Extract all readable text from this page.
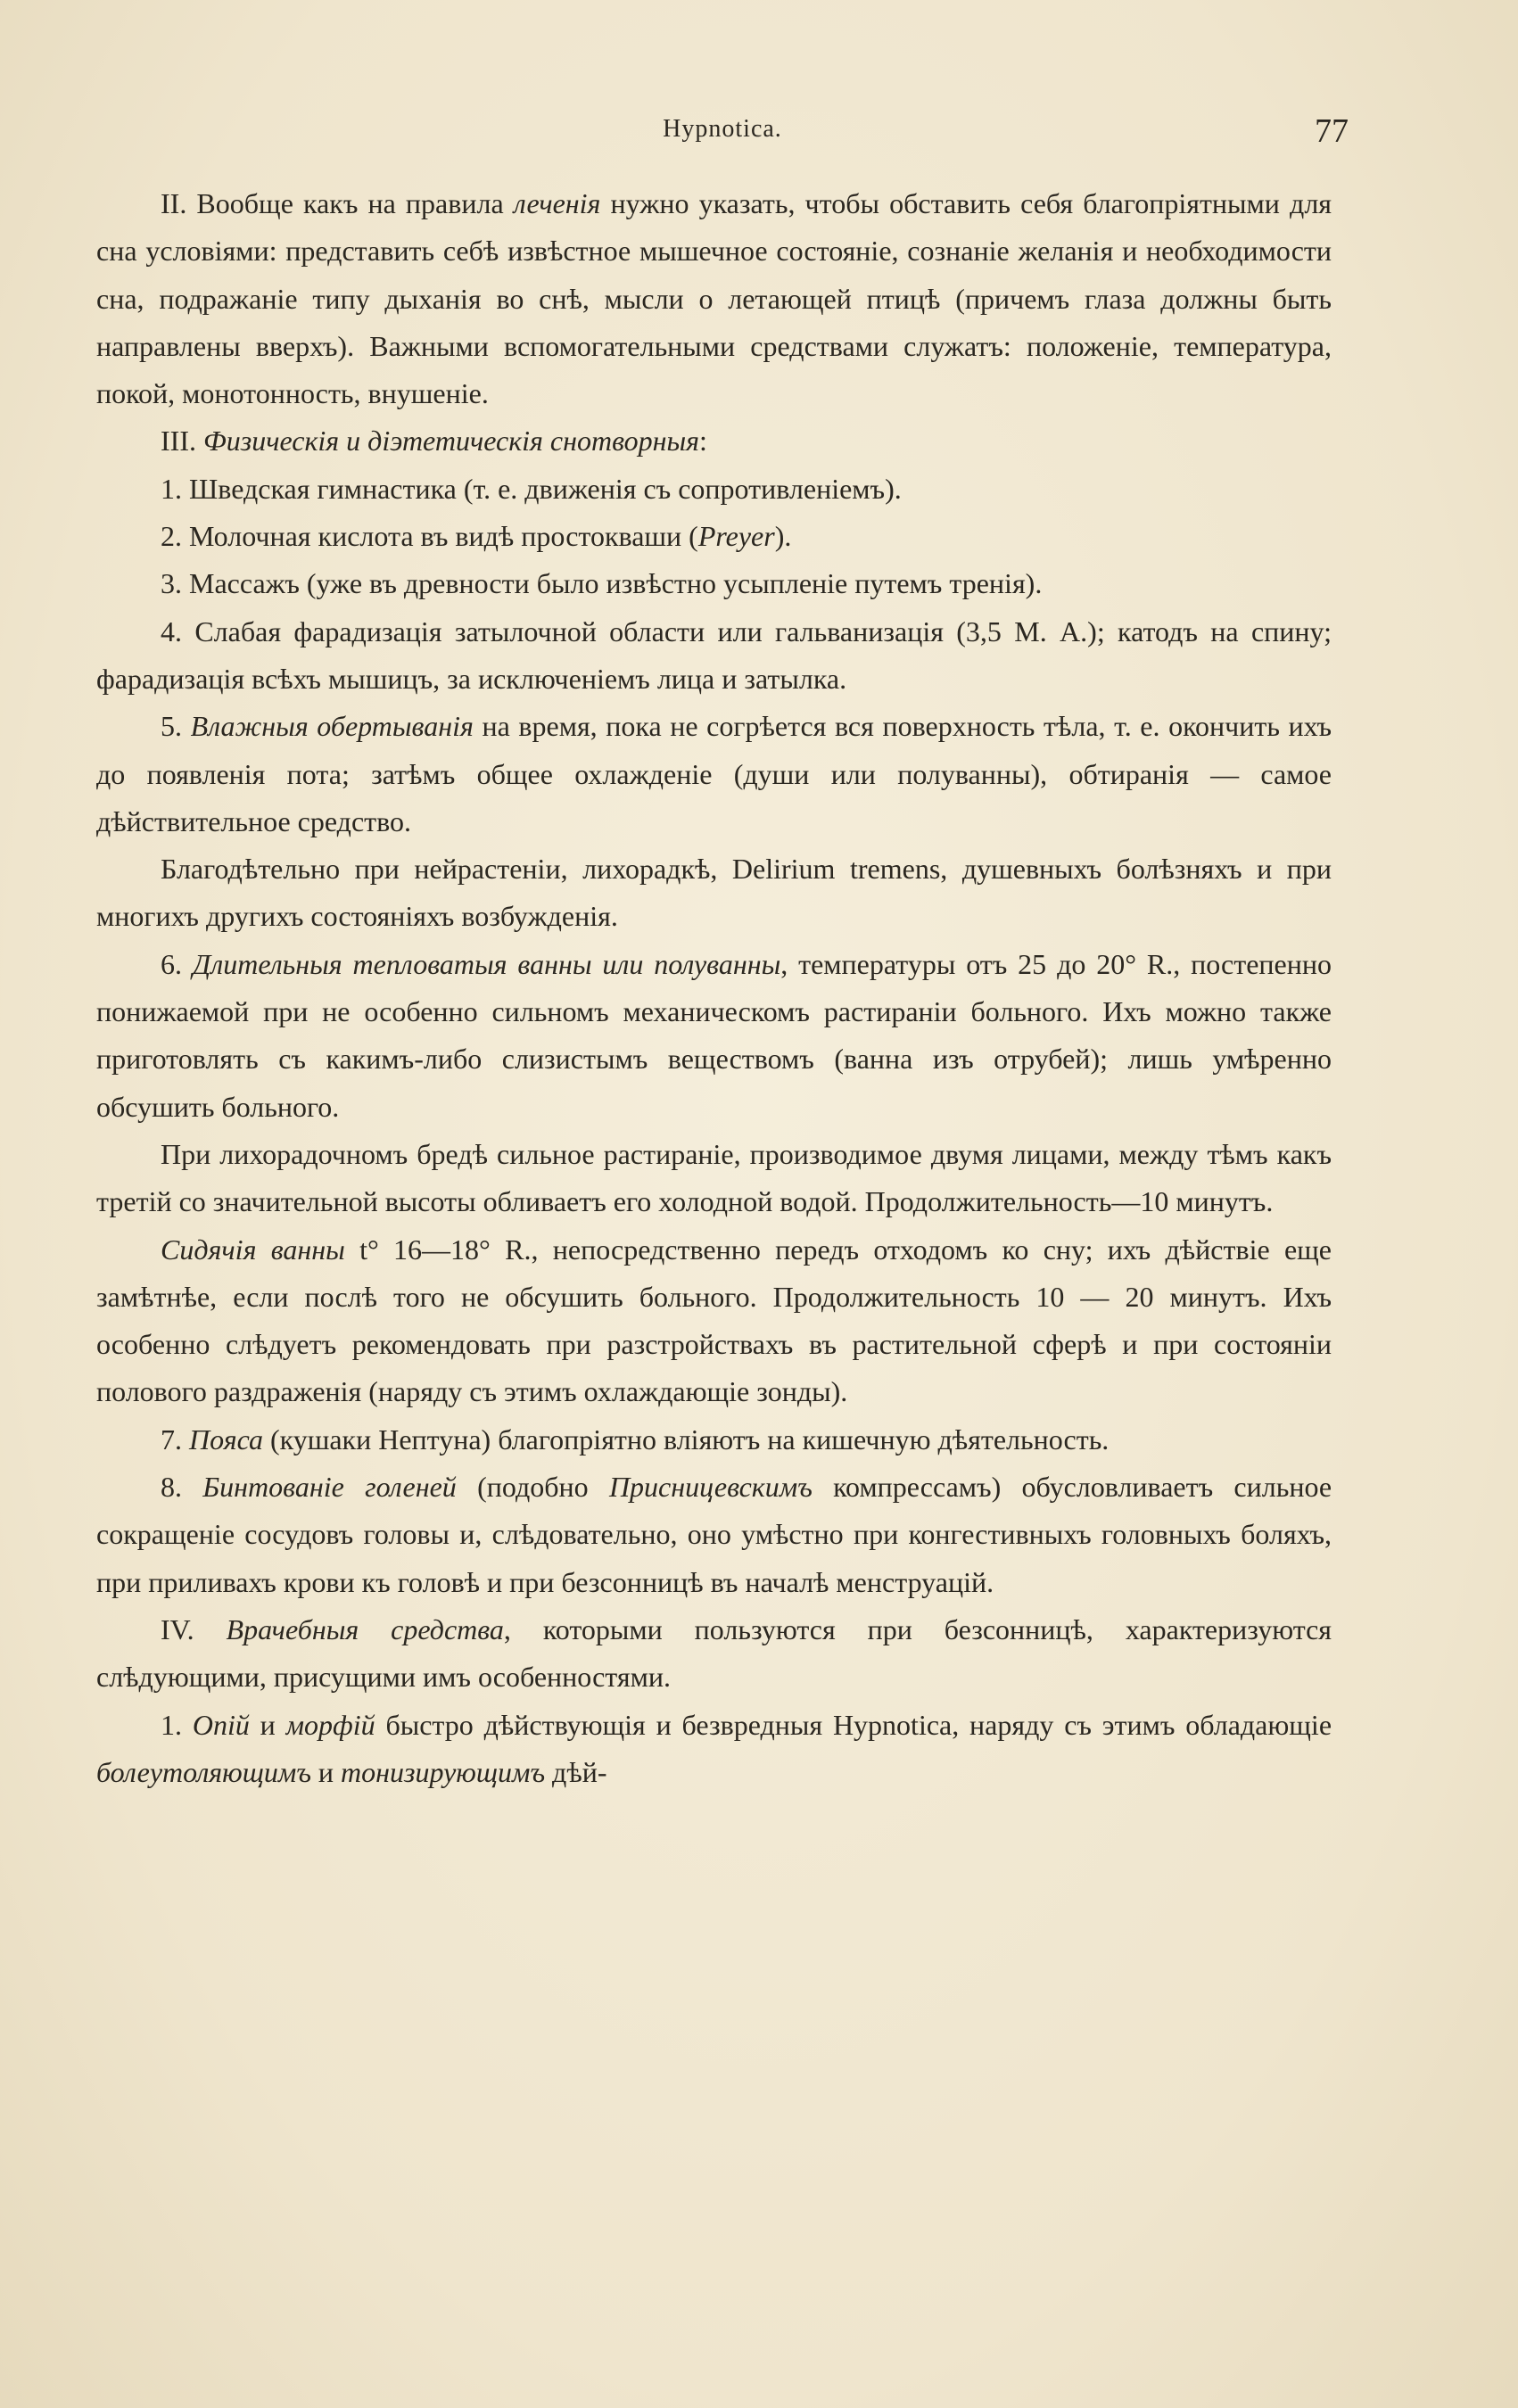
Hypnotica.	77

II. Вообще какъ на правила леченія нужно указать, чтобы обставить себя благопріятными для сна условіями: представить себѣ извѣстное мышечное состояніе, сознаніе желанія и необходимости сна, подражаніе типу дыханія во снѣ, мысли о летающей птицѣ (причемъ глаза должны быть направлены вверхъ). Важными вспомогательными средствами служатъ: положеніе, температура, покой, монотонность, внушеніе.

III. Физическія и діэтетическія снотворныя:

1. Шведская гимнастика (т. е. движенія съ сопротивленіемъ).

2. Молочная кислота въ видѣ простокваши (Preyer).

3. Массажъ (уже въ древности было извѣстно усыпленіе путемъ тренія).

4. Слабая фарадизація затылочной области или гальванизація (3,5 М. А.); катодъ на спину; фарадизація всѣхъ мышицъ, за исключеніемъ лица и затылка.

5. Влажныя обертыванія на время, пока не согрѣется вся поверхность тѣла, т. е. окончить ихъ до появленія пота; затѣмъ общее охлажденіе (души или полуванны), обтиранія — самое дѣйствительное средство.

Благодѣтельно при нейрастеніи, лихорадкѣ, Delirium tremens, душевныхъ болѣзняхъ и при многихъ другихъ состояніяхъ возбужденія.

6. Длительныя тепловатыя ванны или полуванны, температуры отъ 25 до 20° R., постепенно понижаемой при не особенно сильномъ механическомъ растираніи больного. Ихъ можно также приготовлять съ какимъ-либо слизистымъ веществомъ (ванна изъ отрубей); лишь умѣренно обсушить больного.

При лихорадочномъ бредѣ сильное растираніе, производимое двумя лицами, между тѣмъ какъ третій со значительной высоты обливаетъ его холодной водой. Продолжительность—10 минутъ.

Сидячія ванны t° 16—18° R., непосредственно передъ отходомъ ко сну; ихъ дѣйствіе еще замѣтнѣе, если послѣ того не обсушить больного. Продолжительность 10 — 20 минутъ. Ихъ особенно слѣдуетъ рекомендовать при разстройствахъ въ растительной сферѣ и при состояніи полового раздраженія (наряду съ этимъ охлаждающіе зонды).

7. Пояса (кушаки Нептуна) благопріятно вліяютъ на кишечную дѣятельность.

8. Бинтованіе голеней (подобно Присницевскимъ компрессамъ) обусловливаетъ сильное сокращеніе сосудовъ головы и, слѣдовательно, оно умѣстно при конгестивныхъ головныхъ боляхъ, при приливахъ крови къ головѣ и при безсонницѣ въ началѣ менструацій.

IV. Врачебныя средства, которыми пользуются при безсонницѣ, характеризуются слѣдующими, присущими имъ особенностями.

1. Опій и морфій быстро дѣйствующія и безвредныя Hypnotica, наряду съ этимъ обладающіе болеутоляющимъ и тонизирующимъ дѣй-
